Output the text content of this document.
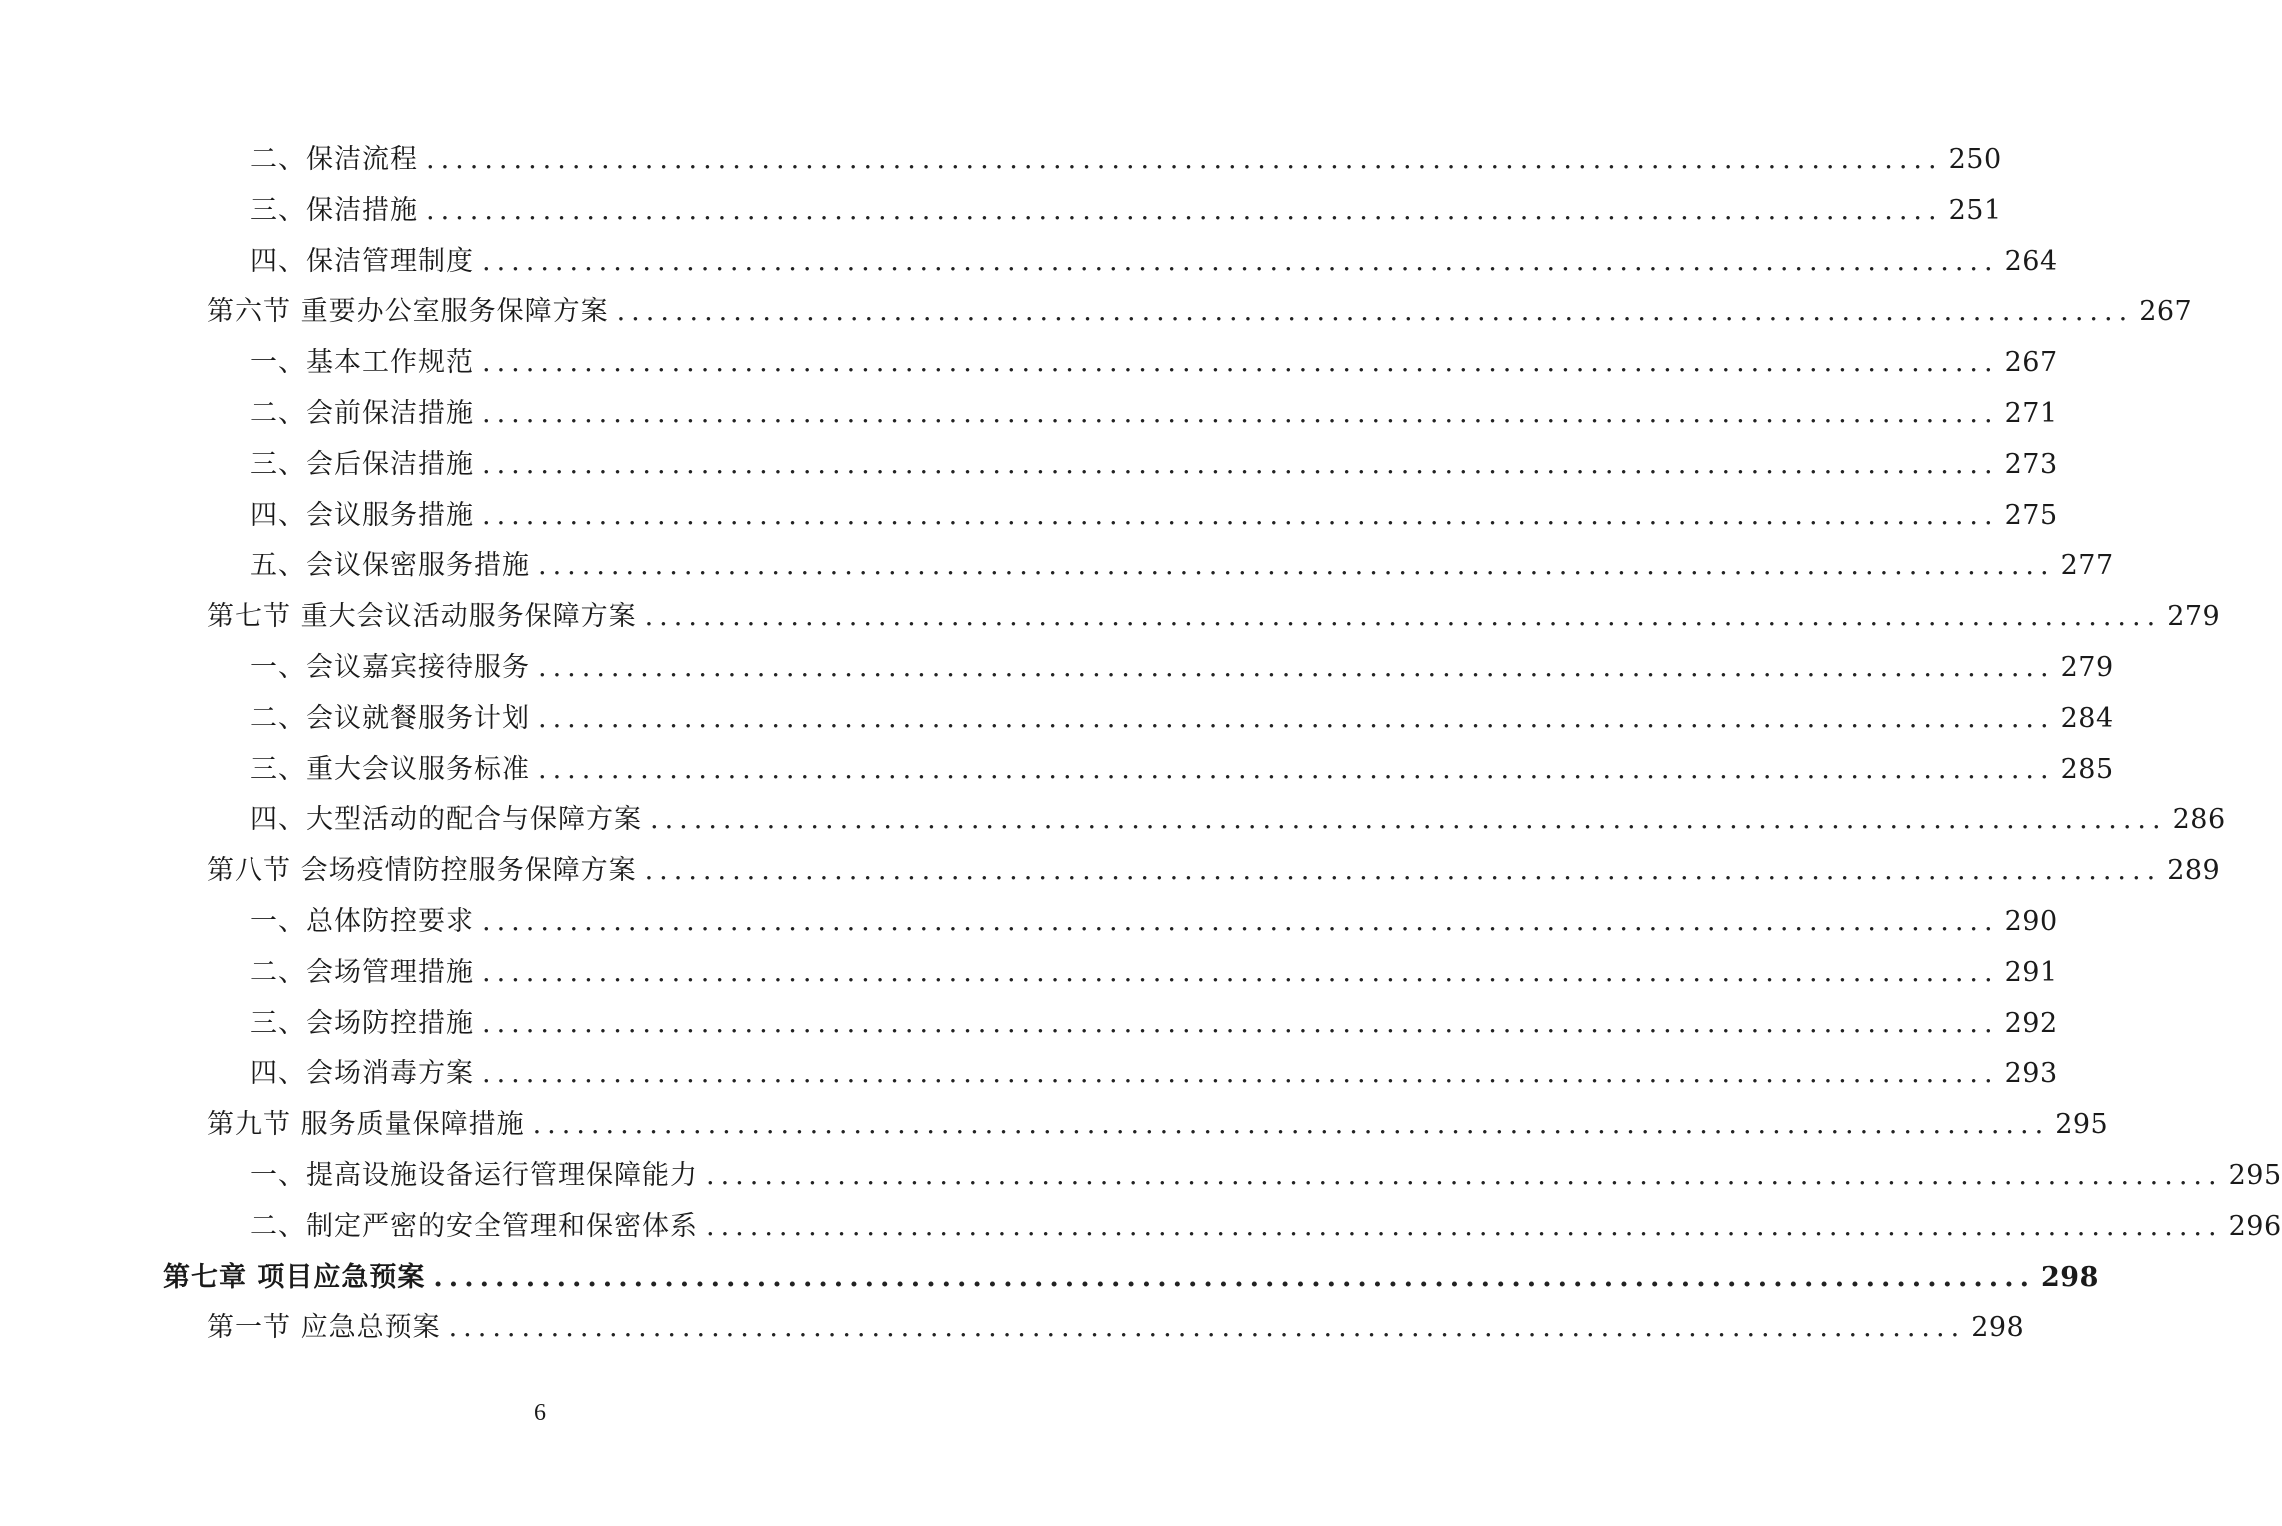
二、保洁流程 ........................................................................................................ 250
三、保洁措施 ........................................................................................................ 251
四、保洁管理制度 ........................................................................................................ 264
第六节 重要办公室服务保障方案 ........................................................................................................ 267
一、基本工作规范 ........................................................................................................ 267
二、会前保洁措施 ........................................................................................................ 271
三、会后保洁措施 ........................................................................................................ 273
四、会议服务措施 ........................................................................................................ 275
五、会议保密服务措施 ........................................................................................................ 277
第七节 重大会议活动服务保障方案 ........................................................................................................ 279
一、会议嘉宾接待服务 ........................................................................................................ 279
二、会议就餐服务计划 ........................................................................................................ 284
三、重大会议服务标准 ........................................................................................................ 285
四、大型活动的配合与保障方案 ........................................................................................................ 286
第八节 会场疫情防控服务保障方案 ........................................................................................................ 289
一、总体防控要求 ........................................................................................................ 290
二、会场管理措施 ........................................................................................................ 291
三、会场防控措施 ........................................................................................................ 292
四、会场消毒方案 ........................................................................................................ 293
第九节 服务质量保障措施 ........................................................................................................ 295
一、提高设施设备运行管理保障能力 ........................................................................................................ 295
二、制定严密的安全管理和保密体系 ........................................................................................................ 296
第七章 项目应急预案 ........................................................................................................ 298
第一节 应急总预案 ........................................................................................................ 298
6
